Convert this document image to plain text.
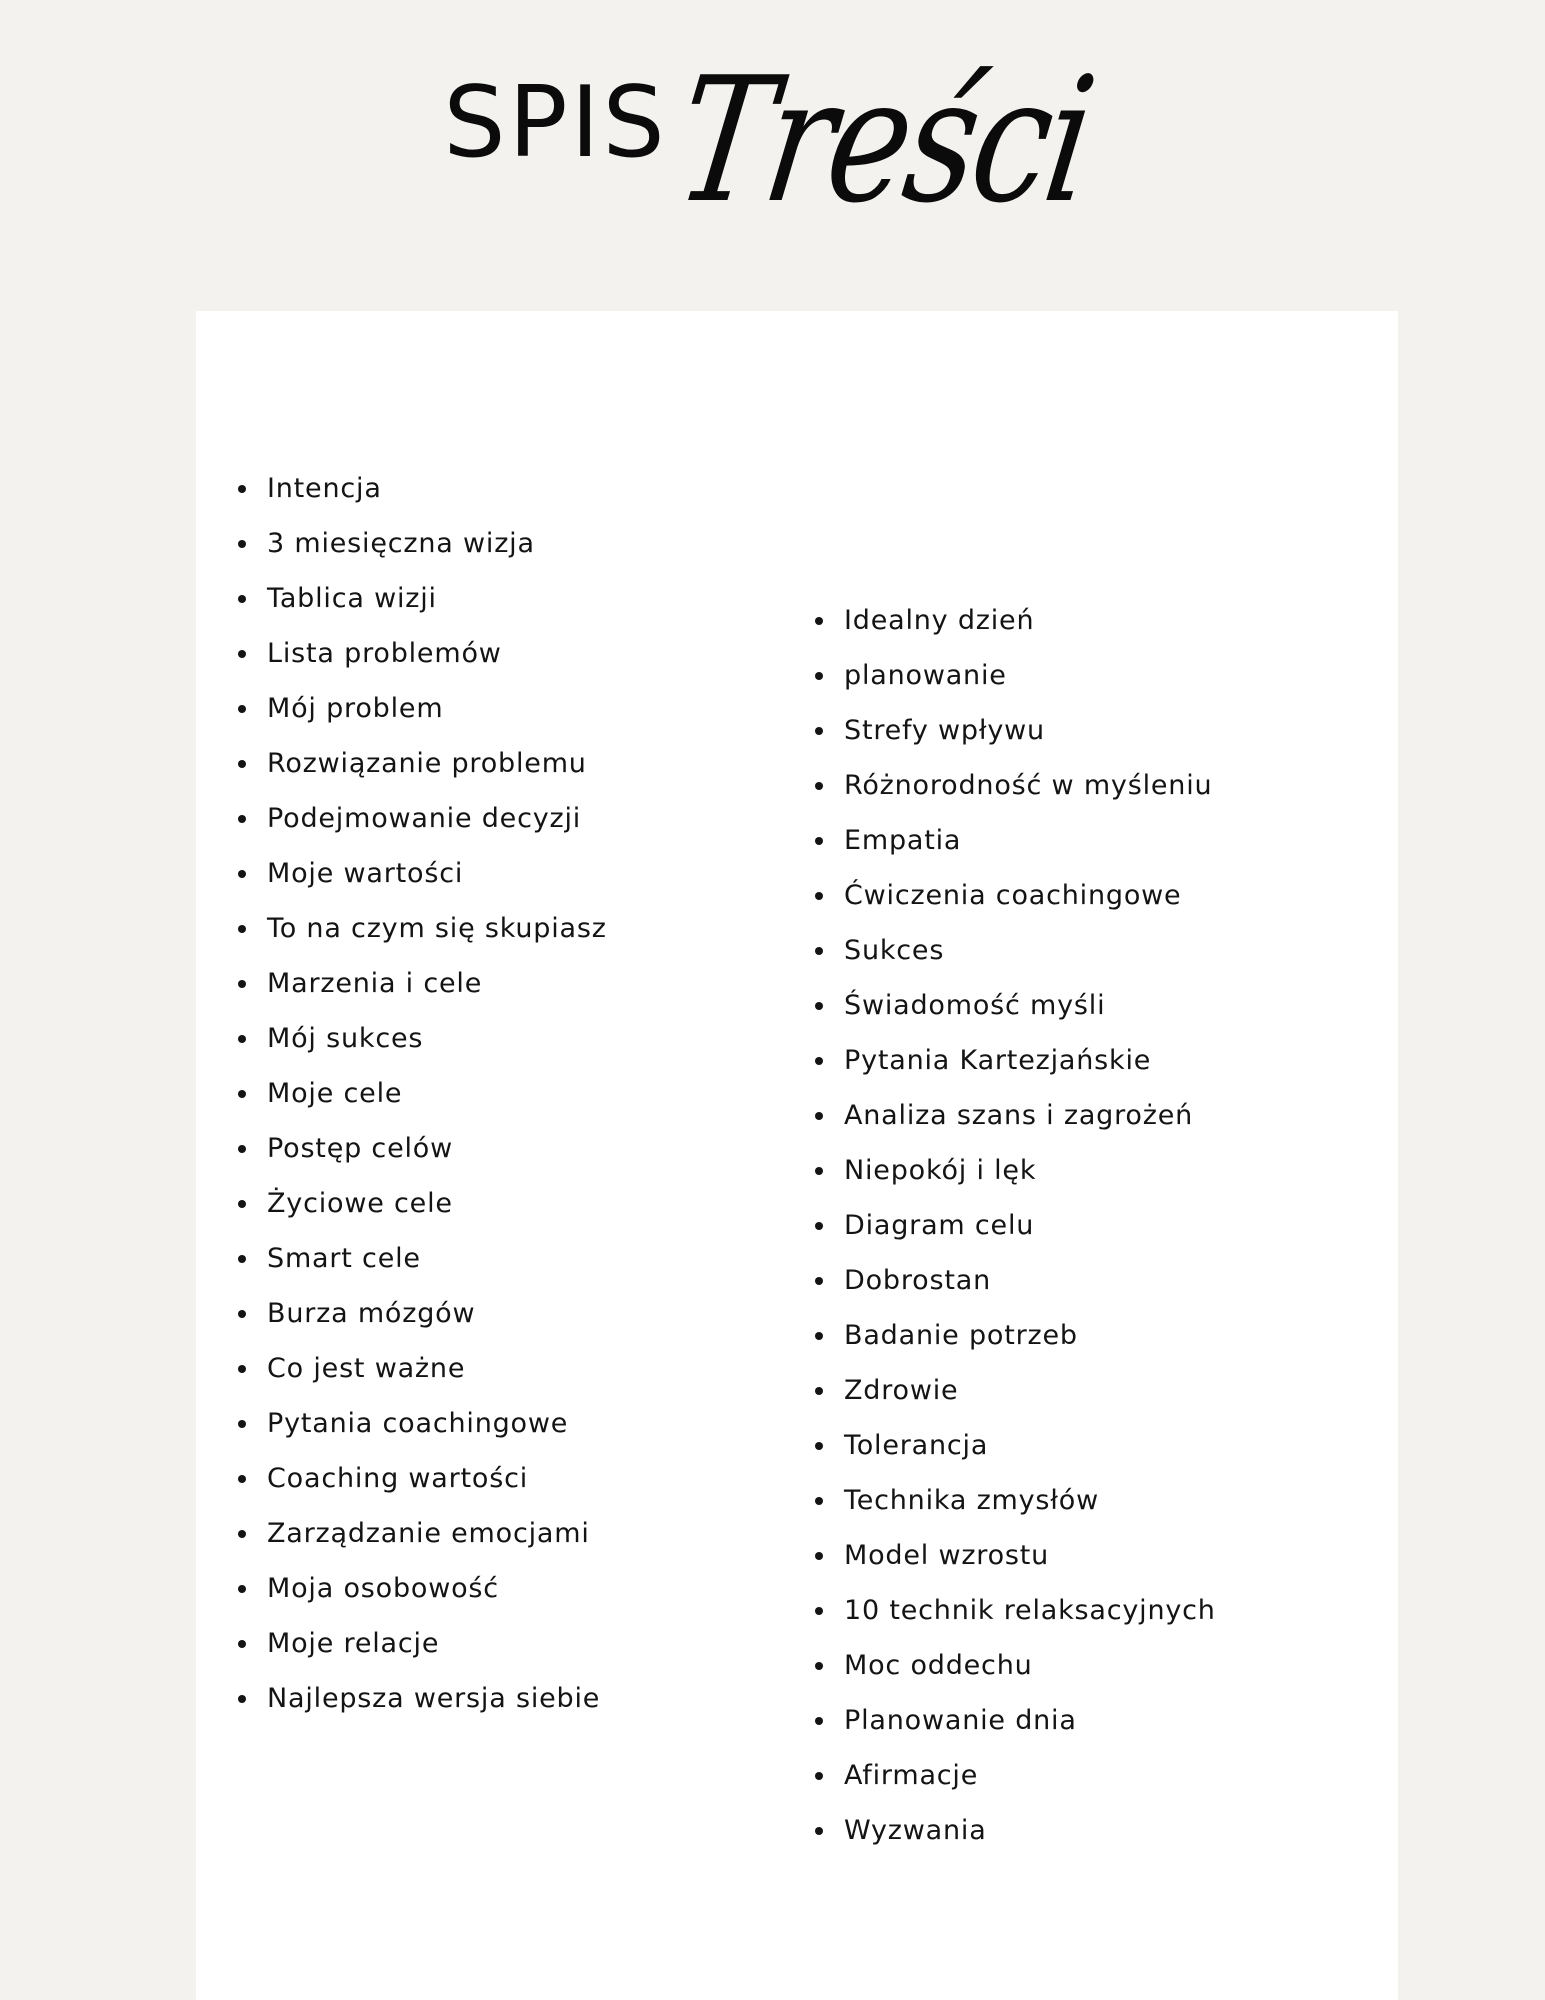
SPISTreści
Intencja
3 miesięczna wizja
Tablica wizji
Lista problemów
Mój problem
Rozwiązanie problemu
Podejmowanie decyzji
Moje wartości
To na czym się skupiasz
Marzenia i cele
Mój sukces
Moje cele
Postęp celów
Życiowe cele
Smart cele
Burza mózgów
Co jest ważne
Pytania coachingowe
Coaching wartości
Zarządzanie emocjami
Moja osobowość
Moje relacje
Najlepsza wersja siebie
Idealny dzień
planowanie
Strefy wpływu
Różnorodność w myśleniu
Empatia
Ćwiczenia coachingowe
Sukces
Świadomość myśli
Pytania Kartezjańskie
Analiza szans i zagrożeń
Niepokój i lęk
Diagram celu
Dobrostan
Badanie potrzeb
Zdrowie
Tolerancja
Technika zmysłów
Model wzrostu
10 technik relaksacyjnych
Moc oddechu
Planowanie dnia
Afirmacje
Wyzwania
